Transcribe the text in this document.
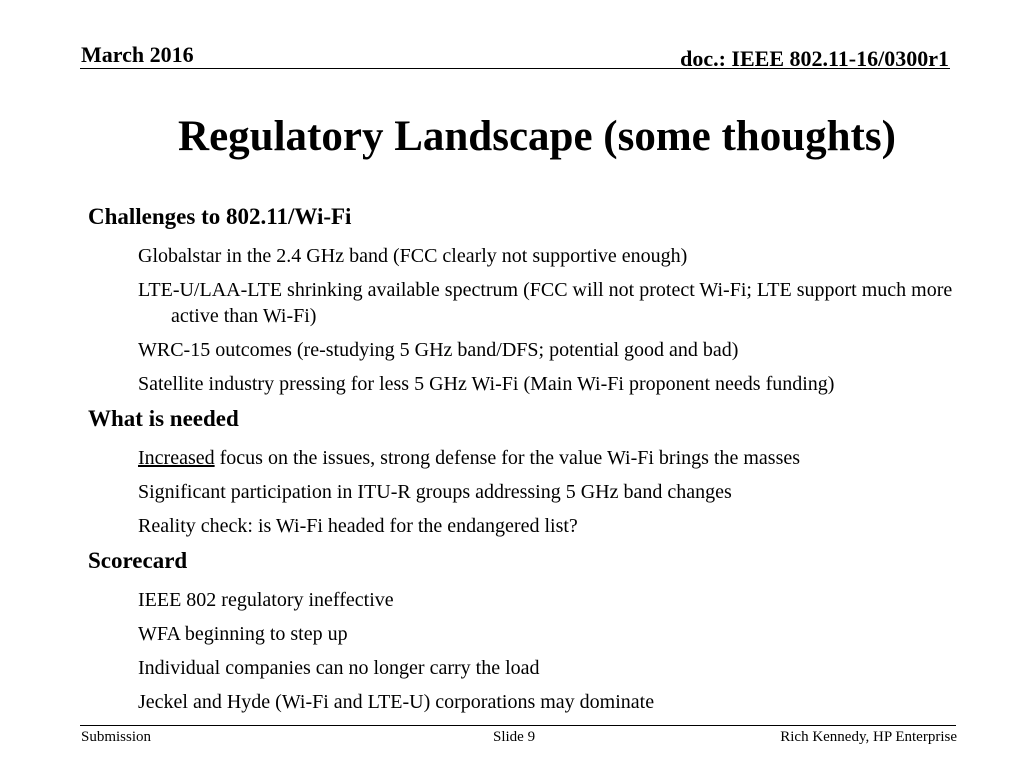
March 2016	doc.: IEEE 802.11-16/0300r1
Regulatory Landscape (some thoughts)
Challenges to 802.11/Wi-Fi
Globalstar in the 2.4 GHz band (FCC clearly not supportive enough)
LTE-U/LAA-LTE shrinking available spectrum (FCC will not protect Wi-Fi; LTE support much more active than Wi-Fi)
WRC-15 outcomes (re-studying 5 GHz band/DFS; potential good and bad)
Satellite industry pressing for less 5 GHz Wi-Fi (Main Wi-Fi proponent needs funding)
What is needed
Increased focus on the issues, strong defense for the value Wi-Fi brings the masses
Significant participation in ITU-R groups addressing 5 GHz band changes
Reality check: is Wi-Fi headed for the endangered list?
Scorecard
IEEE 802 regulatory ineffective
WFA beginning to step up
Individual companies can no longer carry the load
Jeckel and Hyde (Wi-Fi and LTE-U) corporations may dominate
Submission	Slide 9	Rich Kennedy, HP Enterprise
